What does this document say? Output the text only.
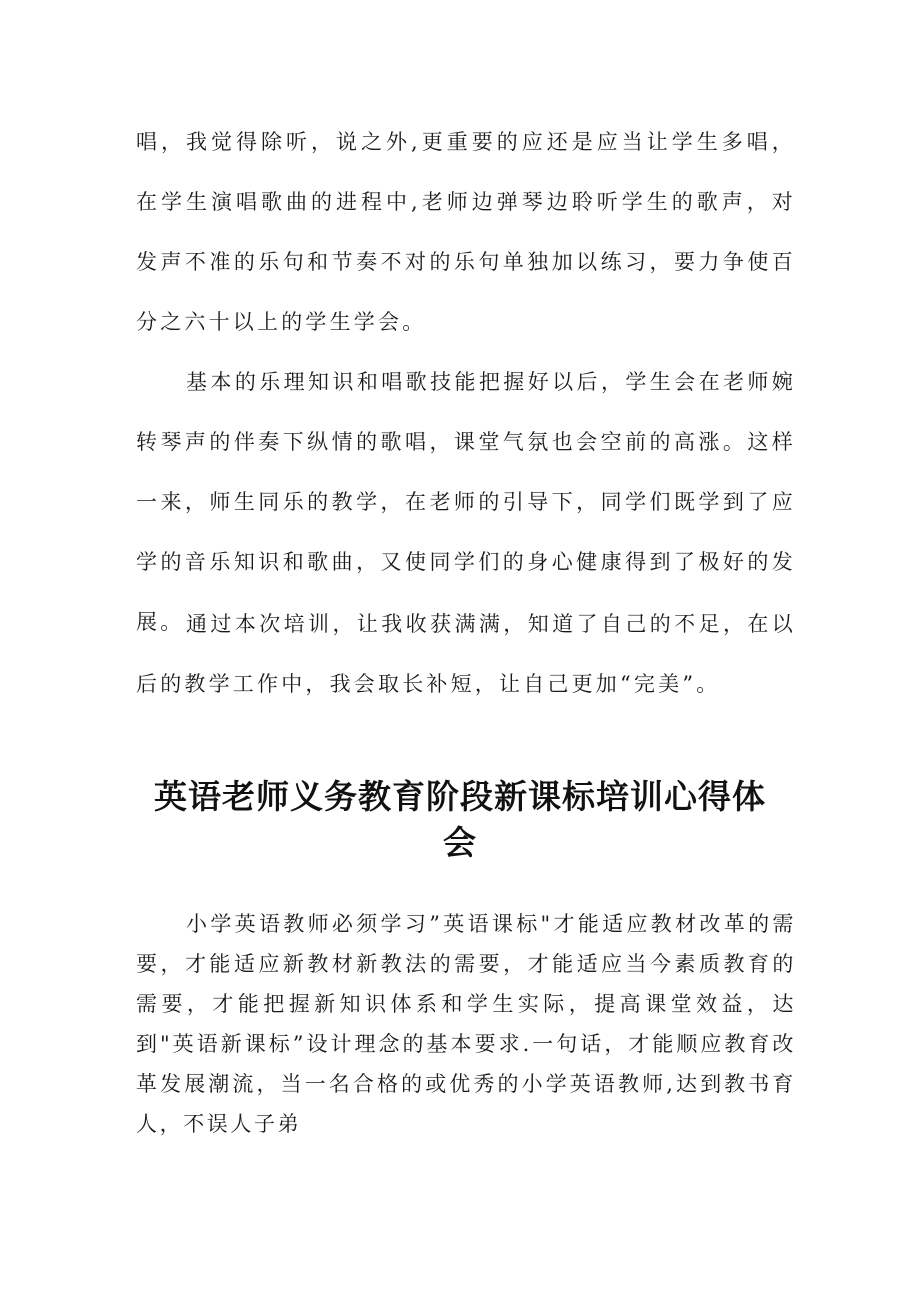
唱，我觉得除听，说之外,更重要的应还是应当让学生多唱，在学生演唱歌曲的进程中,老师边弹琴边聆听学生的歌声，对发声不准的乐句和节奏不对的乐句单独加以练习，要力争使百分之六十以上的学生学会。

基本的乐理知识和唱歌技能把握好以后，学生会在老师婉转琴声的伴奏下纵情的歌唱，课堂气氛也会空前的高涨。这样一来，师生同乐的教学，在老师的引导下，同学们既学到了应学的音乐知识和歌曲，又使同学们的身心健康得到了极好的发展。 通过本次培训，让我收获满满，知道了自己的不足，在以后的教学工作中，我会取长补短，让自己更加“完美”。

英语老师义务教育阶段新课标培训心得体会

小学英语教师必须学习”英语课标"才能适应教材改革的需要，才能适应新教材新教法的需要，才能适应当今素质教育的需要，才能把握新知识体系和学生实际，提高课堂效益，达到"英语新课标”设计理念的基本要求.一句话，才能顺应教育改革发展潮流，当一名合格的或优秀的小学英语教师,达到教书育人，不误人子弟
